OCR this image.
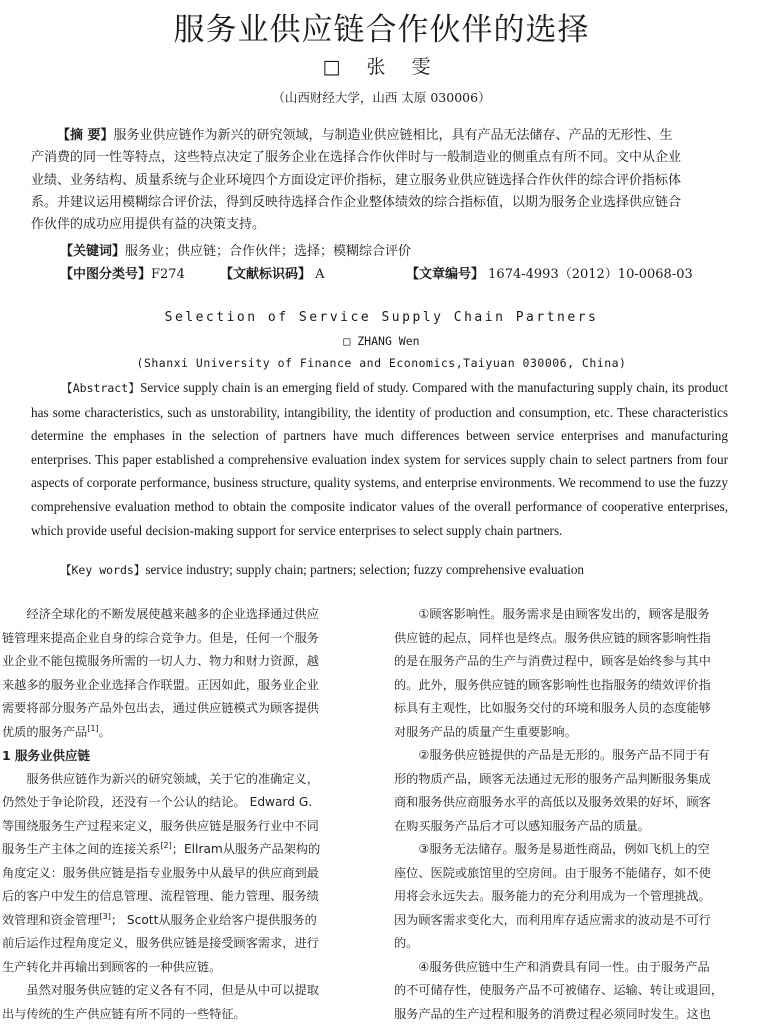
服务业供应链合作伙伴的选择
□ 张 雯
（山西财经大学，山西 太原 030006）

【摘 要】服务业供应链作为新兴的研究领域，与制造业供应链相比，具有产品无法储存、产品的无形性、生
产消费的同一性等特点，这些特点决定了服务企业在选择合作伙伴时与一般制造业的侧重点有所不同。文中从企业
业绩、业务结构、质量系统与企业环境四个方面设定评价指标，建立服务业供应链选择合作伙伴的综合评价指标体
系。并建议运用模糊综合评价法，得到反映待选择合作企业整体绩效的综合指标值，以期为服务企业选择供应链合
作伙伴的成功应用提供有益的决策支持。

【关键词】服务业；供应链；合作伙伴；选择；模糊综合评价

【中图分类号】F274	【文献标识码】 A	【文章编号】 1674-4993（2012）10-0068-03

Selection of Service Supply Chain Partners
□ ZHANG Wen
(Shanxi University of Finance and Economics,Taiyuan 030006, China)

【Abstract】Service supply chain is an emerging field of study. Compared with the manufacturing supply chain, its product has some characteristics, such as unstorability, intangibility, the identity of production and consumption, etc. These characteristics determine the emphases in the selection of partners have much differences between service enterprises and manufacturing enterprises. This paper established a comprehensive evaluation index system for services supply chain to select partners from four aspects of corporate performance, business structure, quality systems, and enterprise environments. We recommend to use the fuzzy comprehensive evaluation method to obtain the composite indicator values of the overall performance of cooperative enterprises, which provide useful decision-making support for service enterprises to select supply chain partners.

【Key words】service industry; supply chain; partners; selection; fuzzy comprehensive evaluation

经济全球化的不断发展使越来越多的企业选择通过供应
链管理来提高企业自身的综合竞争力。但是，任何一个服务
业企业不能包揽服务所需的一切人力、物力和财力资源，越
来越多的服务业企业选择合作联盟。正因如此，服务业企业
需要将部分服务产品外包出去，通过供应链模式为顾客提供
优质的服务产品[1]。

1 服务业供应链

服务供应链作为新兴的研究领域，关于它的准确定义，
仍然处于争论阶段，还没有一个公认的结论。 Edward G.
等围绕服务生产过程来定义，服务供应链是服务行业中不同
服务生产主体之间的连接关系[2]；Ellram从服务产品架构的
角度定义：服务供应链是指专业服务中从最早的供应商到最
后的客户中发生的信息管理、流程管理、能力管理、服务绩
效管理和资金管理[3]； Scott从服务企业给客户提供服务的
前后运作过程角度定义，服务供应链是接受顾客需求，进行
生产转化并再输出到顾客的一种供应链。

虽然对服务供应链的定义各有不同，但是从中可以提取
出与传统的生产供应链有所不同的一些特征。

①顾客影响性。服务需求是由顾客发出的，顾客是服务
供应链的起点，同样也是终点。服务供应链的顾客影响性指
的是在服务产品的生产与消费过程中，顾客是始终参与其中
的。此外，服务供应链的顾客影响性也指服务的绩效评价指
标具有主观性，比如服务交付的环境和服务人员的态度能够
对服务产品的质量产生重要影响。

②服务供应链提供的产品是无形的。服务产品不同于有
形的物质产品，顾客无法通过无形的服务产品判断服务集成
商和服务供应商服务水平的高低以及服务效果的好坏，顾客
在购买服务产品后才可以感知服务产品的质量。

③服务无法储存。服务是易逝性商品，例如飞机上的空
座位、医院或旅馆里的空房间。由于服务不能储存，如不使
用将会永远失去。服务能力的充分利用成为一个管理挑战。
因为顾客需求变化大，而利用库存适应需求的波动是不可行
的。

④服务供应链中生产和消费具有同一性。由于服务产品
的不可储存性，使服务产品不可被储存、运输、转让或退回，
服务产品的生产过程和服务的消费过程必须同时发生。这也
